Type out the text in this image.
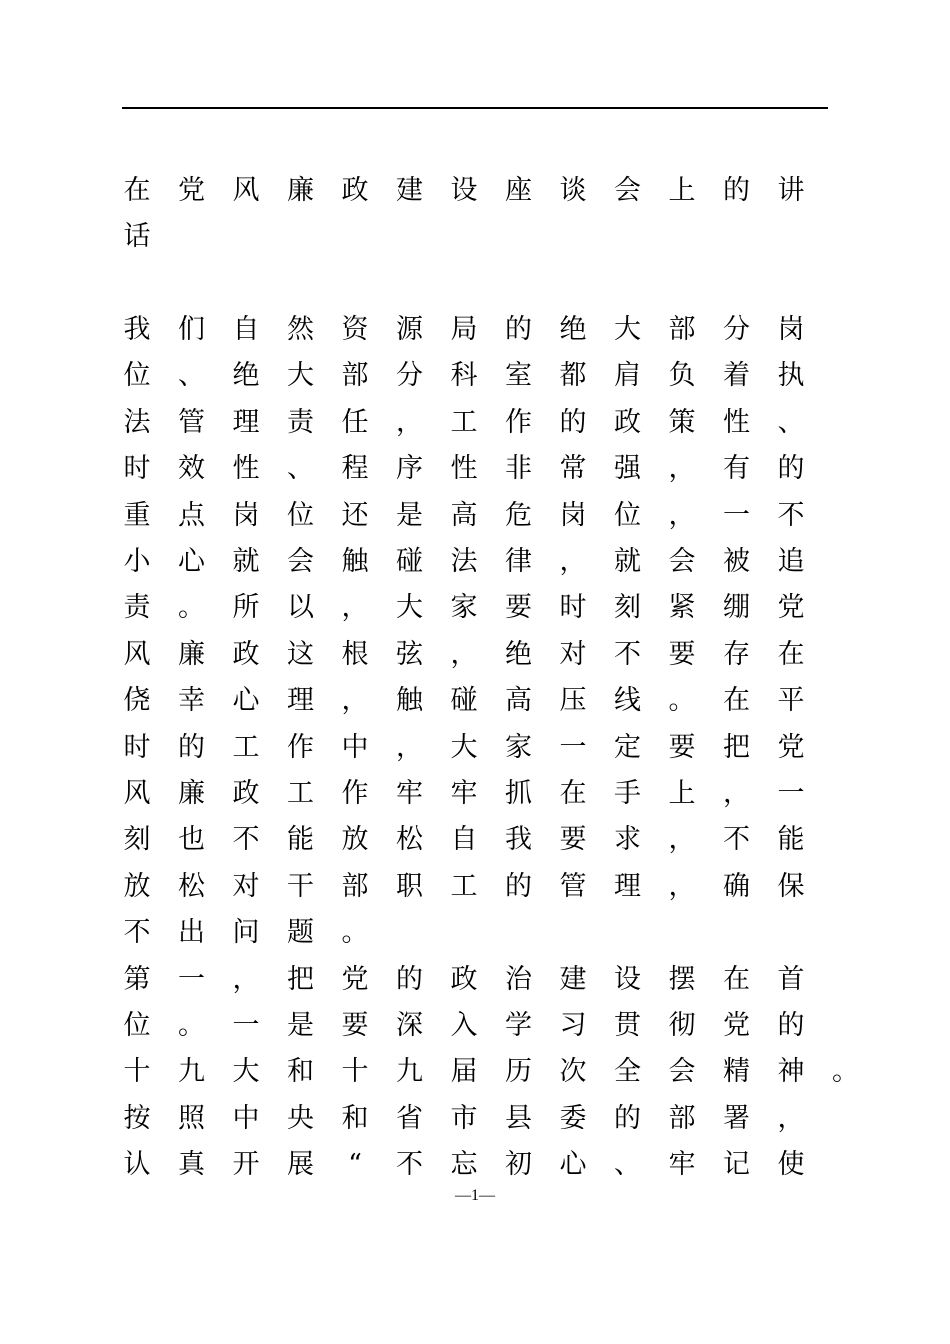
在 党 风 廉 政 建 设 座 谈 会 上 的 讲
话
我 们 自 然 资 源 局 的 绝 大 部 分 岗
位 、 绝 大 部 分 科 室 都 肩 负 着 执
法 管 理 责 任 ， 工 作 的 政 策 性 、
时 效 性 、 程 序 性 非 常 强 ， 有 的
重 点 岗 位 还 是 高 危 岗 位 ， 一 不
小 心 就 会 触 碰 法 律 ， 就 会 被 追
责 。 所 以 ， 大 家 要 时 刻 紧 绷 党
风 廉 政 这 根 弦 ， 绝 对 不 要 存 在
侥 幸 心 理 ， 触 碰 高 压 线 。 在 平
时 的 工 作 中 ， 大 家 一 定 要 把 党
风 廉 政 工 作 牢 牢 抓 在 手 上 ， 一
刻 也 不 能 放 松 自 我 要 求 ， 不 能
放 松 对 干 部 职 工 的 管 理 ， 确 保
不 出 问 题 。
第 一 ， 把 党 的 政 治 建 设 摆 在 首
位 。 一 是 要 深 入 学 习 贯 彻 党 的
十 九 大 和 十 九 届 历 次 全 会 精 神 。
按 照 中 央 和 省 市 县 委 的 部 署 ，
认 真 开 展 “ 不 忘 初 心 、 牢 记 使
—1—
